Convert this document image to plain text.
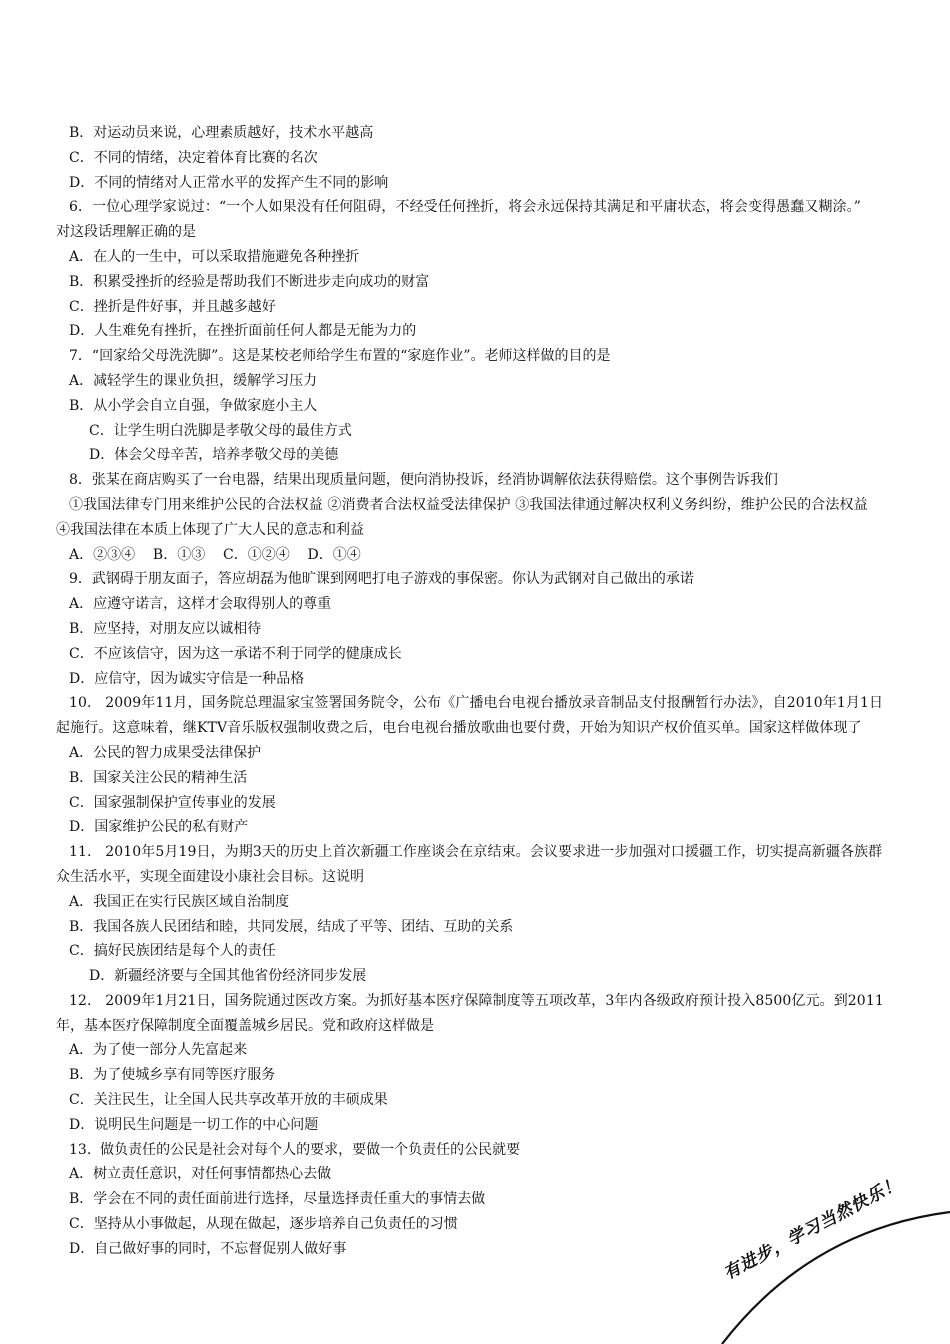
B．对运动员来说，心理素质越好，技术水平越高
C．不同的情绪，决定着体育比赛的名次
D．不同的情绪对人正常水平的发挥产生不同的影响
6．一位心理学家说过：“一个人如果没有任何阻碍，不经受任何挫折，将会永远保持其满足和平庸状态，将会变得愚蠢又糊涂。”
对这段话理解正确的是
A．在人的一生中，可以采取措施避免各种挫折
B．积累受挫折的经验是帮助我们不断进步走向成功的财富
C．挫折是件好事，并且越多越好
D．人生难免有挫折，在挫折面前任何人都是无能为力的
7．“回家给父母洗洗脚”。这是某校老师给学生布置的“家庭作业”。老师这样做的目的是
A．减轻学生的课业负担，缓解学习压力
B．从小学会自立自强，争做家庭小主人
C．让学生明白洗脚是孝敬父母的最佳方式
D．体会父母辛苦，培养孝敬父母的美德
8．张某在商店购买了一台电器，结果出现质量问题，便向消协投诉，经消协调解依法获得赔偿。这个事例告诉我们
①我国法律专门用来维护公民的合法权益 ②消费者合法权益受法律保护 ③我国法律通过解决权利义务纠纷，维护公民的合法权益
④我国法律在本质上体现了广大人民的意志和利益
A．②③④    B．①③    C．①②④    D．①④
9．武钢碍于朋友面子，答应胡磊为他旷课到网吧打电子游戏的事保密。你认为武钢对自己做出的承诺
A．应遵守诺言，这样才会取得别人的尊重
B．应坚持，对朋友应以诚相待
C．不应该信守，因为这一承诺不利于同学的健康成长
D．应信守，因为诚实守信是一种品格
10.   2009年11月，国务院总理温家宝签署国务院令，公布《广播电台电视台播放录音制品支付报酬暂行办法》，自2010年1月1日
起施行。这意味着，继KTV音乐版权强制收费之后，电台电视台播放歌曲也要付费，开始为知识产权价值买单。国家这样做体现了
A．公民的智力成果受法律保护
B．国家关注公民的精神生活
C．国家强制保护宣传事业的发展
D．国家维护公民的私有财产
11.   2010年5月19日，为期3天的历史上首次新疆工作座谈会在京结束。会议要求进一步加强对口援疆工作，切实提高新疆各族群
众生活水平，实现全面建设小康社会目标。这说明
A．我国正在实行民族区域自治制度
B．我国各族人民团结和睦，共同发展，结成了平等、团结、互助的关系
C．搞好民族团结是每个人的责任
D．新疆经济要与全国其他省份经济同步发展
12.   2009年1月21日，国务院通过医改方案。为抓好基本医疗保障制度等五项改革，3年内各级政府预计投入8500亿元。到2011
年，基本医疗保障制度全面覆盖城乡居民。党和政府这样做是
A．为了使一部分人先富起来
B．为了使城乡享有同等医疗服务
C．关注民生，让全国人民共享改革开放的丰硕成果
D．说明民生问题是一切工作的中心问题
13.  做负责任的公民是社会对每个人的要求，要做一个负责任的公民就要
A．树立责任意识，对任何事情都热心去做
B．学会在不同的责任面前进行选择，尽量选择责任重大的事情去做
C．坚持从小事做起，从现在做起，逐步培养自己负责任的习惯
D．自己做好事的同时，不忘督促别人做好事	有进步，学习当然快乐！
